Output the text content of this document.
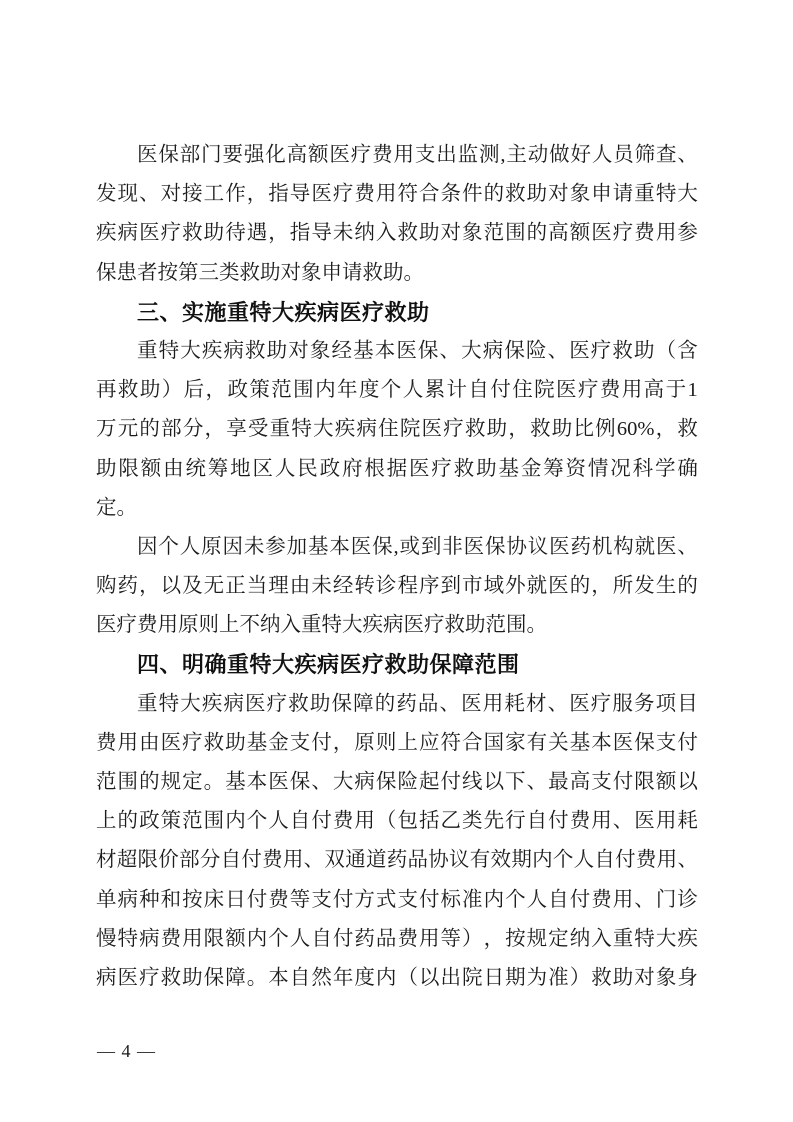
医 保 部 门 要 强 化 高 额 医 疗 费 用 支 出 监 测 , 主 动 做 好 人 员 筛 查 、
发 现 、 对 接 工 作 ， 指 导 医 疗 费 用 符 合 条 件 的 救 助 对 象 申 请 重 特 大
疾 病 医 疗 救 助 待 遇 ， 指 导 未 纳 入 救 助 对 象 范 围 的 高 额 医 疗 费 用 参
保患者按第三类救助对象申请救助。
三、实施重特大疾病医疗救助
重 特 大 疾 病 救 助 对 象 经 基 本 医 保 、 大 病 保 险 、 医 疗 救 助 （ 含
再 救 助 ） 后 ， 政 策 范 围 内 年 度 个 人 累 计 自 付 住 院 医 疗 费 用 高 于 1
万 元 的 部 分 ， 享 受 重 特 大 疾 病 住 院 医 疗 救 助 ， 救 助 比 例 60% ， 救
助 限 额 由 统 筹 地 区 人 民 政 府 根 据 医 疗 救 助 基 金 筹 资 情 况 科 学 确
定。
因 个 人 原 因 未 参 加 基 本 医 保 , 或 到 非 医 保 协 议 医 药 机 构 就 医 、
购 药 ， 以 及 无 正 当 理 由 未 经 转 诊 程 序 到 市 域 外 就 医 的 ， 所 发 生 的
医疗费用原则上不纳入重特大疾病医疗救助范围。
四、明确重特大疾病医疗救助保障范围
重 特 大 疾 病 医 疗 救 助 保 障 的 药 品 、 医 用 耗 材 、 医 疗 服 务 项 目
费 用 由 医 疗 救 助 基 金 支 付 ， 原 则 上 应 符 合 国 家 有 关 基 本 医 保 支 付
范 围 的 规 定 。 基 本 医 保 、 大 病 保 险 起 付 线 以 下 、 最 高 支 付 限 额 以
上 的 政 策 范 围 内 个 人 自 付 费 用 （ 包 括 乙 类 先 行 自 付 费 用 、 医 用 耗
材 超 限 价 部 分 自 付 费 用 、 双 通 道 药 品 协 议 有 效 期 内 个 人 自 付 费 用 、
单 病 种 和 按 床 日 付 费 等 支 付 方 式 支 付 标 准 内 个 人 自 付 费 用 、 门 诊
慢 特 病 费 用 限 额 内 个 人 自 付 药 品 费 用 等 ） ， 按 规 定 纳 入 重 特 大 疾
病 医 疗 救 助 保 障 。 本 自 然 年 度 内 （ 以 出 院 日 期 为 准 ） 救 助 对 象 身
— 4 —
